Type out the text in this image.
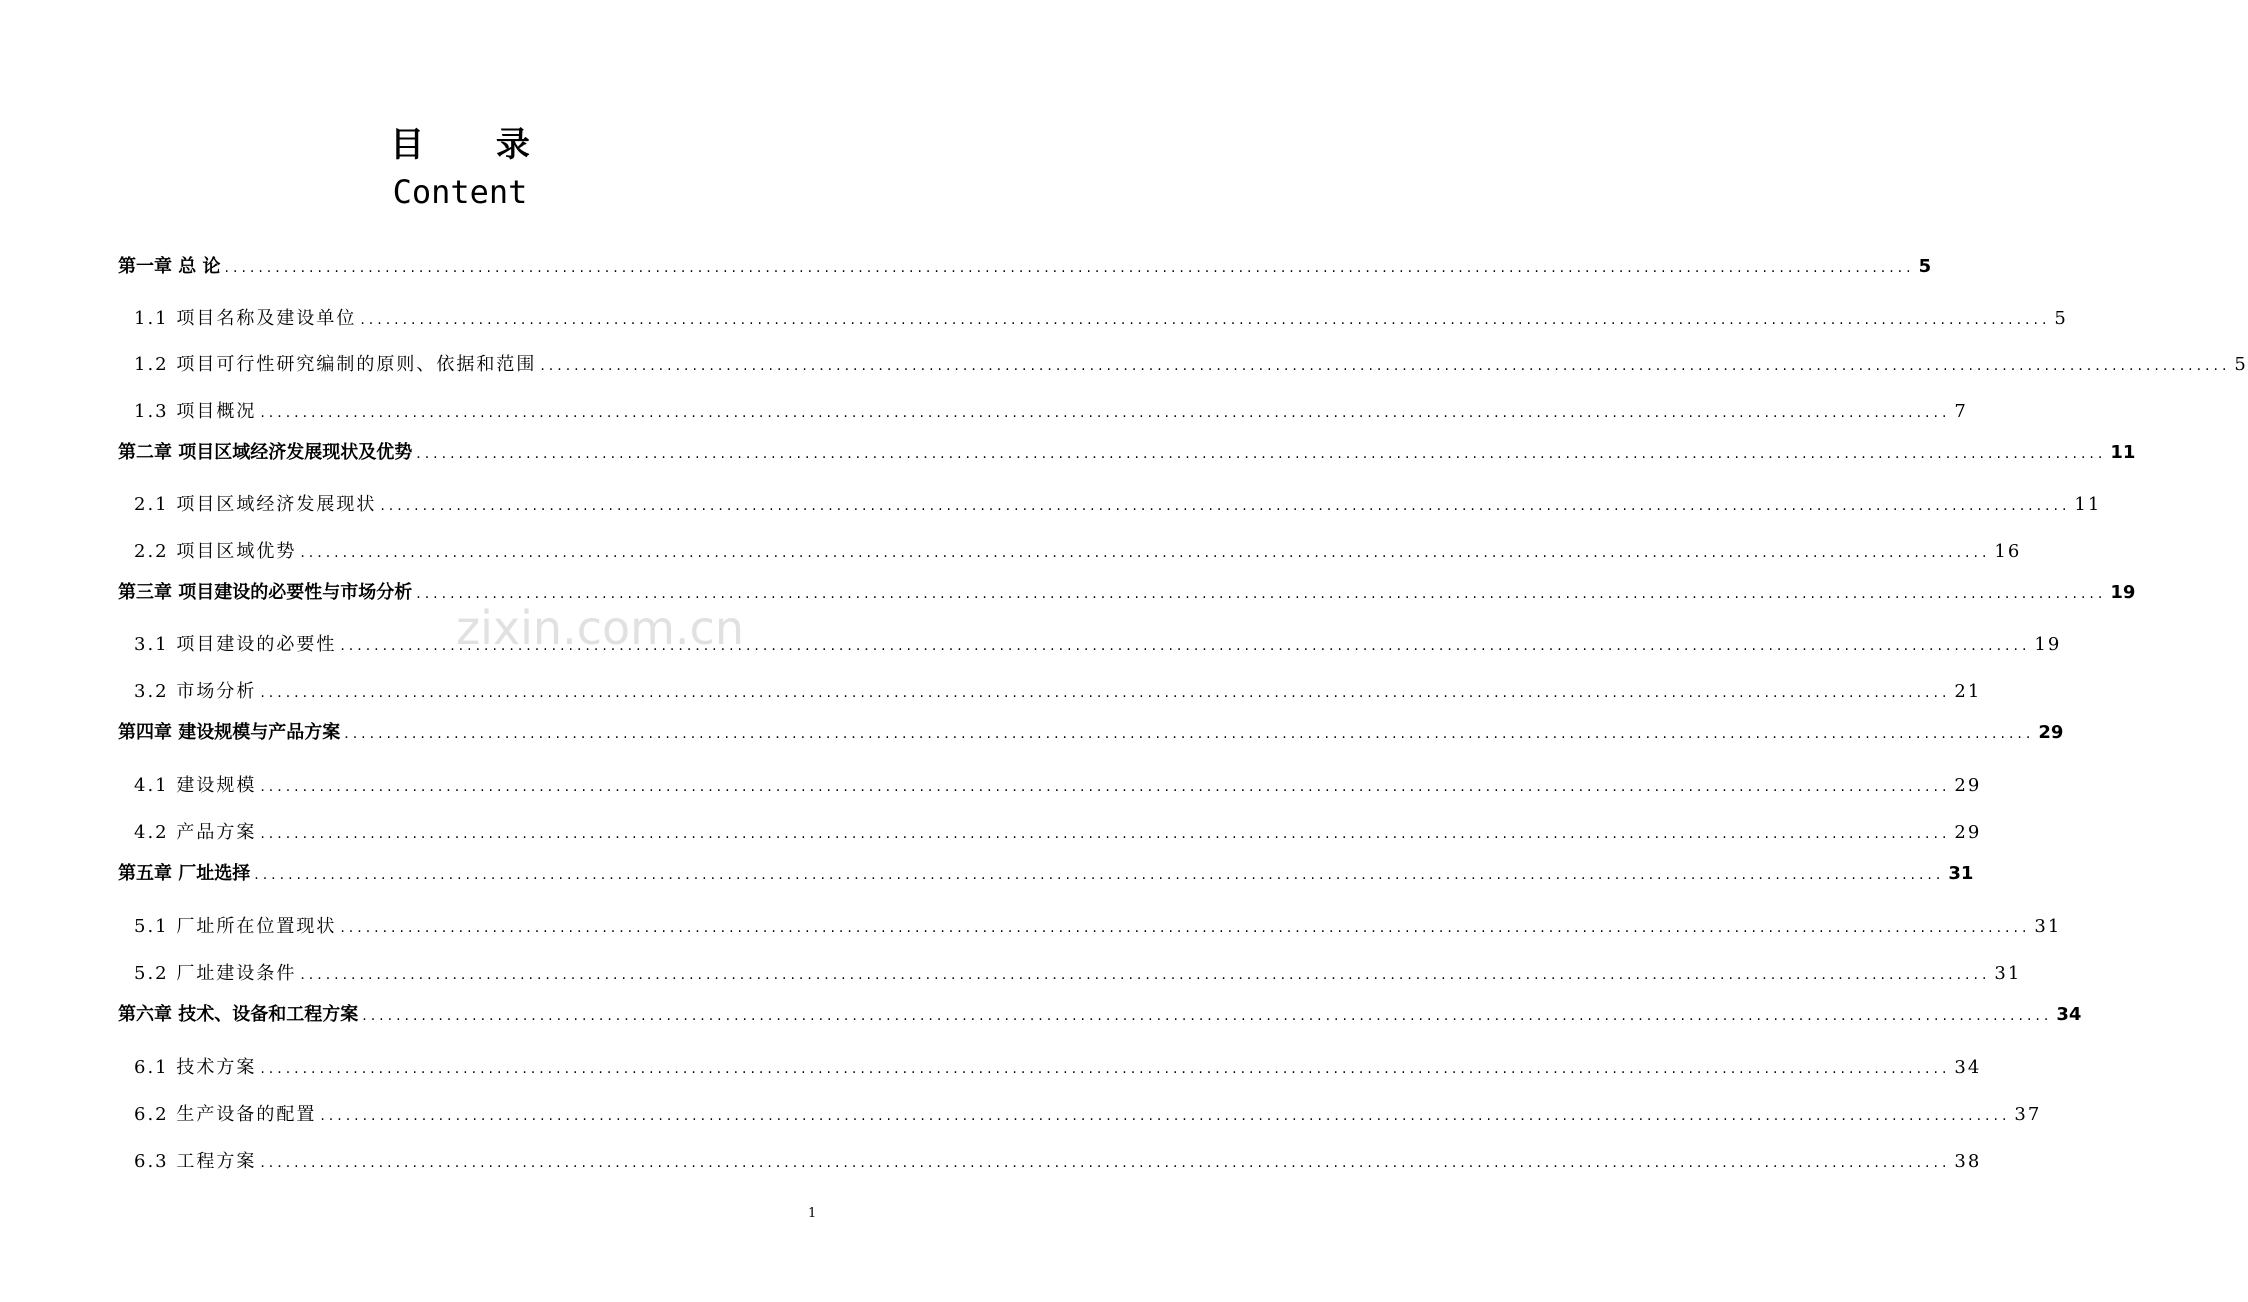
目 录
Content
zixin.com.cn
第一章 总 论 ........................................................................................................................................................................................................ 5
1.1 项目名称及建设单位 ........................................................................................................................................................................................................ 5
1.2 项目可行性研究编制的原则、依据和范围 ........................................................................................................................................................................................................ 5
1.3 项目概况 ........................................................................................................................................................................................................ 7
第二章 项目区域经济发展现状及优势 ........................................................................................................................................................................................................ 11
2.1 项目区域经济发展现状 ........................................................................................................................................................................................................ 11
2.2 项目区域优势 ........................................................................................................................................................................................................ 16
第三章 项目建设的必要性与市场分析 ........................................................................................................................................................................................................ 19
3.1 项目建设的必要性 ........................................................................................................................................................................................................ 19
3.2 市场分析 ........................................................................................................................................................................................................ 21
第四章 建设规模与产品方案 ........................................................................................................................................................................................................ 29
4.1 建设规模 ........................................................................................................................................................................................................ 29
4.2 产品方案 ........................................................................................................................................................................................................ 29
第五章 厂址选择 ........................................................................................................................................................................................................ 31
5.1 厂址所在位置现状 ........................................................................................................................................................................................................ 31
5.2 厂址建设条件 ........................................................................................................................................................................................................ 31
第六章 技术、设备和工程方案 ........................................................................................................................................................................................................ 34
6.1 技术方案 ........................................................................................................................................................................................................ 34
6.2 生产设备的配置 ........................................................................................................................................................................................................ 37
6.3 工程方案 ........................................................................................................................................................................................................ 38
1
